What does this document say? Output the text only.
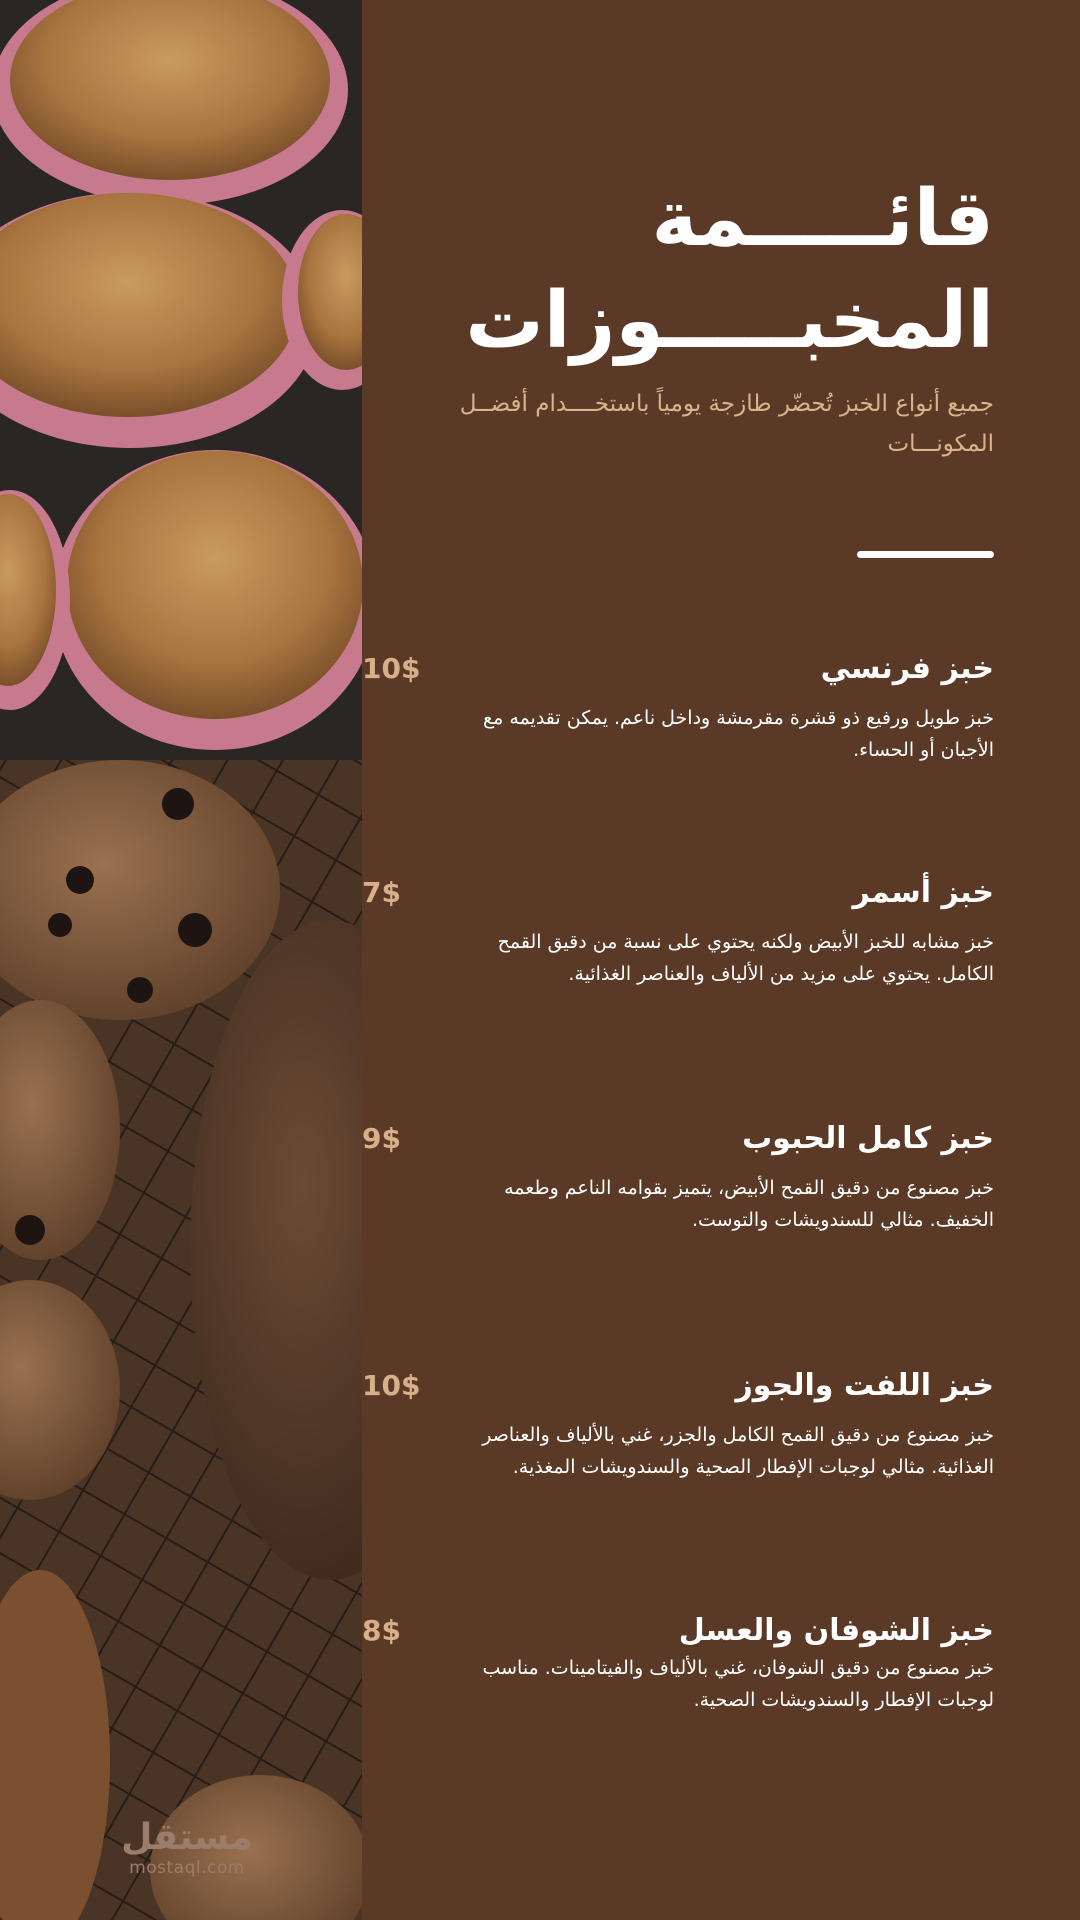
قائـــــمة
المخبـــــوزات
جميع أنواع الخبز تُحضّر طازجة يومياً باستخــــدام أفضــل المكونـــات
خبز فرنسي
10$
خبز طويل ورفيع ذو قشرة مقرمشة وداخل ناعم. يمكن تقديمه مع الأجبان أو الحساء.
خبز أسمر
7$
خبز مشابه للخبز الأبيض ولكنه يحتوي على نسبة من دقيق القمح الكامل. يحتوي على مزيد من الألياف والعناصر الغذائية.
خبز كامل الحبوب
9$
خبز مصنوع من دقيق القمح الأبيض، يتميز بقوامه الناعم وطعمه الخفيف. مثالي للسندويشات والتوست.
خبز اللفت والجوز
10$
خبز مصنوع من دقيق القمح الكامل والجزر، غني بالألياف والعناصر الغذائية. مثالي لوجبات الإفطار الصحية والسندويشات المغذية.
خبز الشوفان والعسل
8$
خبز مصنوع من دقيق الشوفان، غني بالألياف والفيتامينات. مناسب لوجبات الإفطار والسندويشات الصحية.
مستقل
mostaql.com
